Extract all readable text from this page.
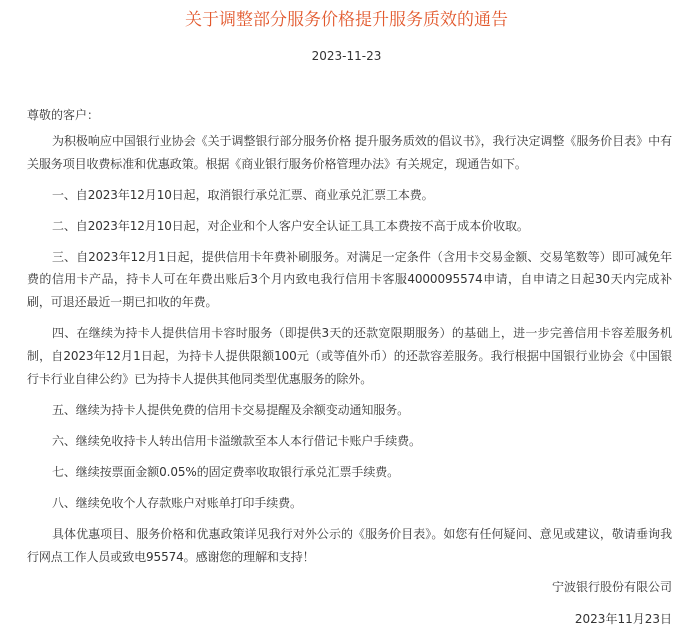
关于调整部分服务价格提升服务质效的通告
2023-11-23

尊敬的客户：

为积极响应中国银行业协会《关于调整银行部分服务价格 提升服务质效的倡议书》，我行决定调整《服务价目表》中有关服务项目收费标准和优惠政策。根据《商业银行服务价格管理办法》有关规定，现通告如下。

一、自2023年12月10日起，取消银行承兑汇票、商业承兑汇票工本费。

二、自2023年12月10日起，对企业和个人客户安全认证工具工本费按不高于成本价收取。

三、自2023年12月1日起，提供信用卡年费补刷服务。对满足一定条件（含用卡交易金额、交易笔数等）即可减免年费的信用卡产品，持卡人可在年费出账后3个月内致电我行信用卡客服4000095574申请，自申请之日起30天内完成补刷，可退还最近一期已扣收的年费。

四、在继续为持卡人提供信用卡容时服务（即提供3天的还款宽限期服务）的基础上，进一步完善信用卡容差服务机制，自2023年12月1日起，为持卡人提供限额100元（或等值外币）的还款容差服务。我行根据中国银行业协会《中国银行卡行业自律公约》已为持卡人提供其他同类型优惠服务的除外。

五、继续为持卡人提供免费的信用卡交易提醒及余额变动通知服务。

六、继续免收持卡人转出信用卡溢缴款至本人本行借记卡账户手续费。

七、继续按票面金额0.05%的固定费率收取银行承兑汇票手续费。

八、继续免收个人存款账户对账单打印手续费。

具体优惠项目、服务价格和优惠政策详见我行对外公示的《服务价目表》。如您有任何疑问、意见或建议，敬请垂询我行网点工作人员或致电95574。感谢您的理解和支持！

宁波银行股份有限公司

2023年11月23日
